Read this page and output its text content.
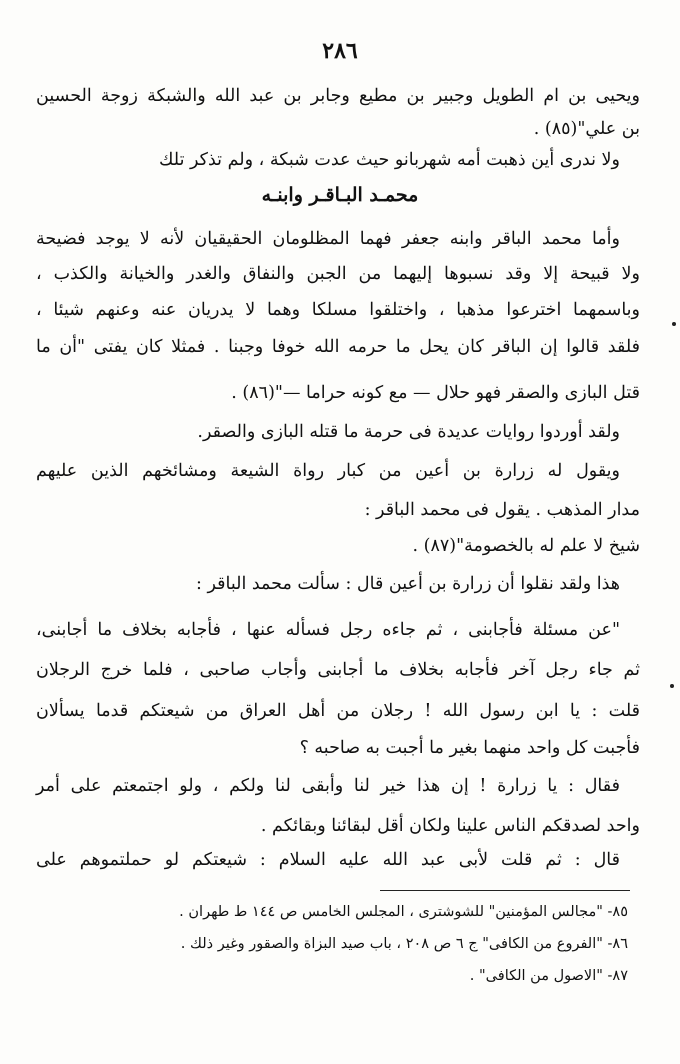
٢٨٦
ويحيى بن ام الطويل وجبير بن مطيع وجابر بن عبد الله والشبكة زوجة الحسين
بن علي"(٨٥) .
ولا ندرى أين ذهبت أمه شهربانو حيث عدت شبكة ، ولم تذكر تلك
محمـد البـاقـر وابنـه
وأما محمد الباقر وابنه جعفر فهما المظلومان الحقيقيان لأنه لا يوجد فضيحة
ولا قبيحة إلا وقد نسبوها إليهما من الجبن والنفاق والغدر والخيانة والكذب ،
وباسمهما اخترعوا مذهبا ، واختلقوا مسلكا وهما لا يدريان عنه وعنهم شيئا ،
فلقد قالوا إن الباقر كان يحل ما حرمه الله خوفا وجبنا . فمثلا كان يفتى "أن ما
قتل البازى والصقر فهو حلال — مع كونه حراما —"(٨٦) .
ولقد أوردوا روايات عديدة فى حرمة ما قتله البازى والصقر.
ويقول له زرارة بن أعين من كبار رواة الشيعة ومشائخهم الذين عليهم
مدار المذهب . يقول فى محمد الباقر :
شيخ لا علم له بالخصومة"(٨٧) .
هذا ولقد نقلوا أن زرارة بن أعين قال : سألت محمد الباقر :
"عن مسئلة فأجابنى ، ثم جاءه رجل فسأله عنها ، فأجابه بخلاف ما أجابنى،
ثم جاء رجل آخر فأجابه بخلاف ما أجابنى وأجاب صاحبى ، فلما خرج الرجلان
قلت : يا ابن رسول الله ! رجلان من أهل العراق من شيعتكم قدما يسألان
فأجبت كل واحد منهما بغير ما أجبت به صاحبه ؟
فقال : يا زرارة ! إن هذا خير لنا وأبقى لنا ولكم ، ولو اجتمعتم على أمر
واحد لصدقكم الناس علينا ولكان أقل لبقائنا وبقائكم .
قال : ثم قلت لأبى عبد الله عليه السلام : شيعتكم لو حملتموهم على
٨٥- "مجالس المؤمنين" للشوشترى ، المجلس الخامس ص ١٤٤ ط طهران .
٨٦- "الفروع من الكافى" ج ٦ ص ٢٠٨ ، باب صيد البزاة والصقور وغير ذلك .
٨٧- "الاصول من الكافى" .
